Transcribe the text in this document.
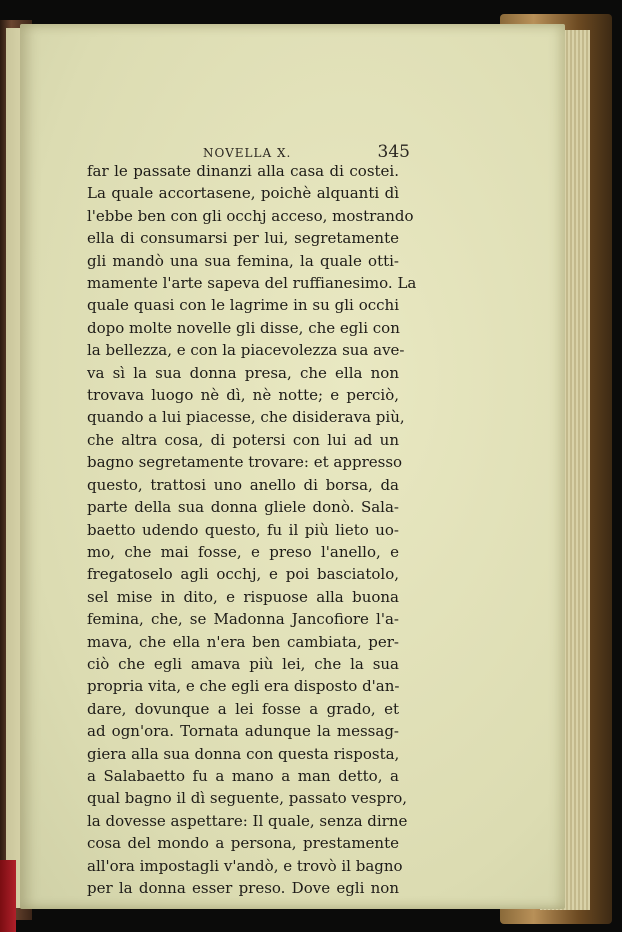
NOVELLA X.	345
far le passate dinanzi alla casa di costei.
La quale accortasene, poichè alquanti dì
l'ebbe ben con gli occhj acceso, mostrando
ella di consumarsi per lui, segretamente
gli mandò una sua femina, la quale otti-
mamente l'arte sapeva del ruffianesimo. La
quale quasi con le lagrime in su gli occhi
dopo molte novelle gli disse, che egli con
la bellezza, e con la piacevolezza sua ave-
va sì la sua donna presa, che ella non
trovava luogo nè dì, nè notte; e perciò,
quando a lui piacesse, che disiderava più,
che altra cosa, di potersi con lui ad un
bagno segretamente trovare: et appresso
questo, trattosi uno anello di borsa, da
parte della sua donna gliele donò. Sala-
baetto udendo questo, fu il più lieto uo-
mo, che mai fosse, e preso l'anello, e
fregatoselo agli occhj, e poi basciatolo,
sel mise in dito, e rispuose alla buona
femina, che, se Madonna Jancofiore l'a-
mava, che ella n'era ben cambiata, per-
ciò che egli amava più lei, che la sua
propria vita, e che egli era disposto d'an-
dare, dovunque a lei fosse a grado, et
ad ogn'ora. Tornata adunque la messag-
giera alla sua donna con questa risposta,
a Salabaetto fu a mano a man detto, a
qual bagno il dì seguente, passato vespro,
la dovesse aspettare: Il quale, senza dirne
cosa del mondo a persona, prestamente
all'ora impostagli v'andò, e trovò il bagno
per la donna esser preso. Dove egli non
